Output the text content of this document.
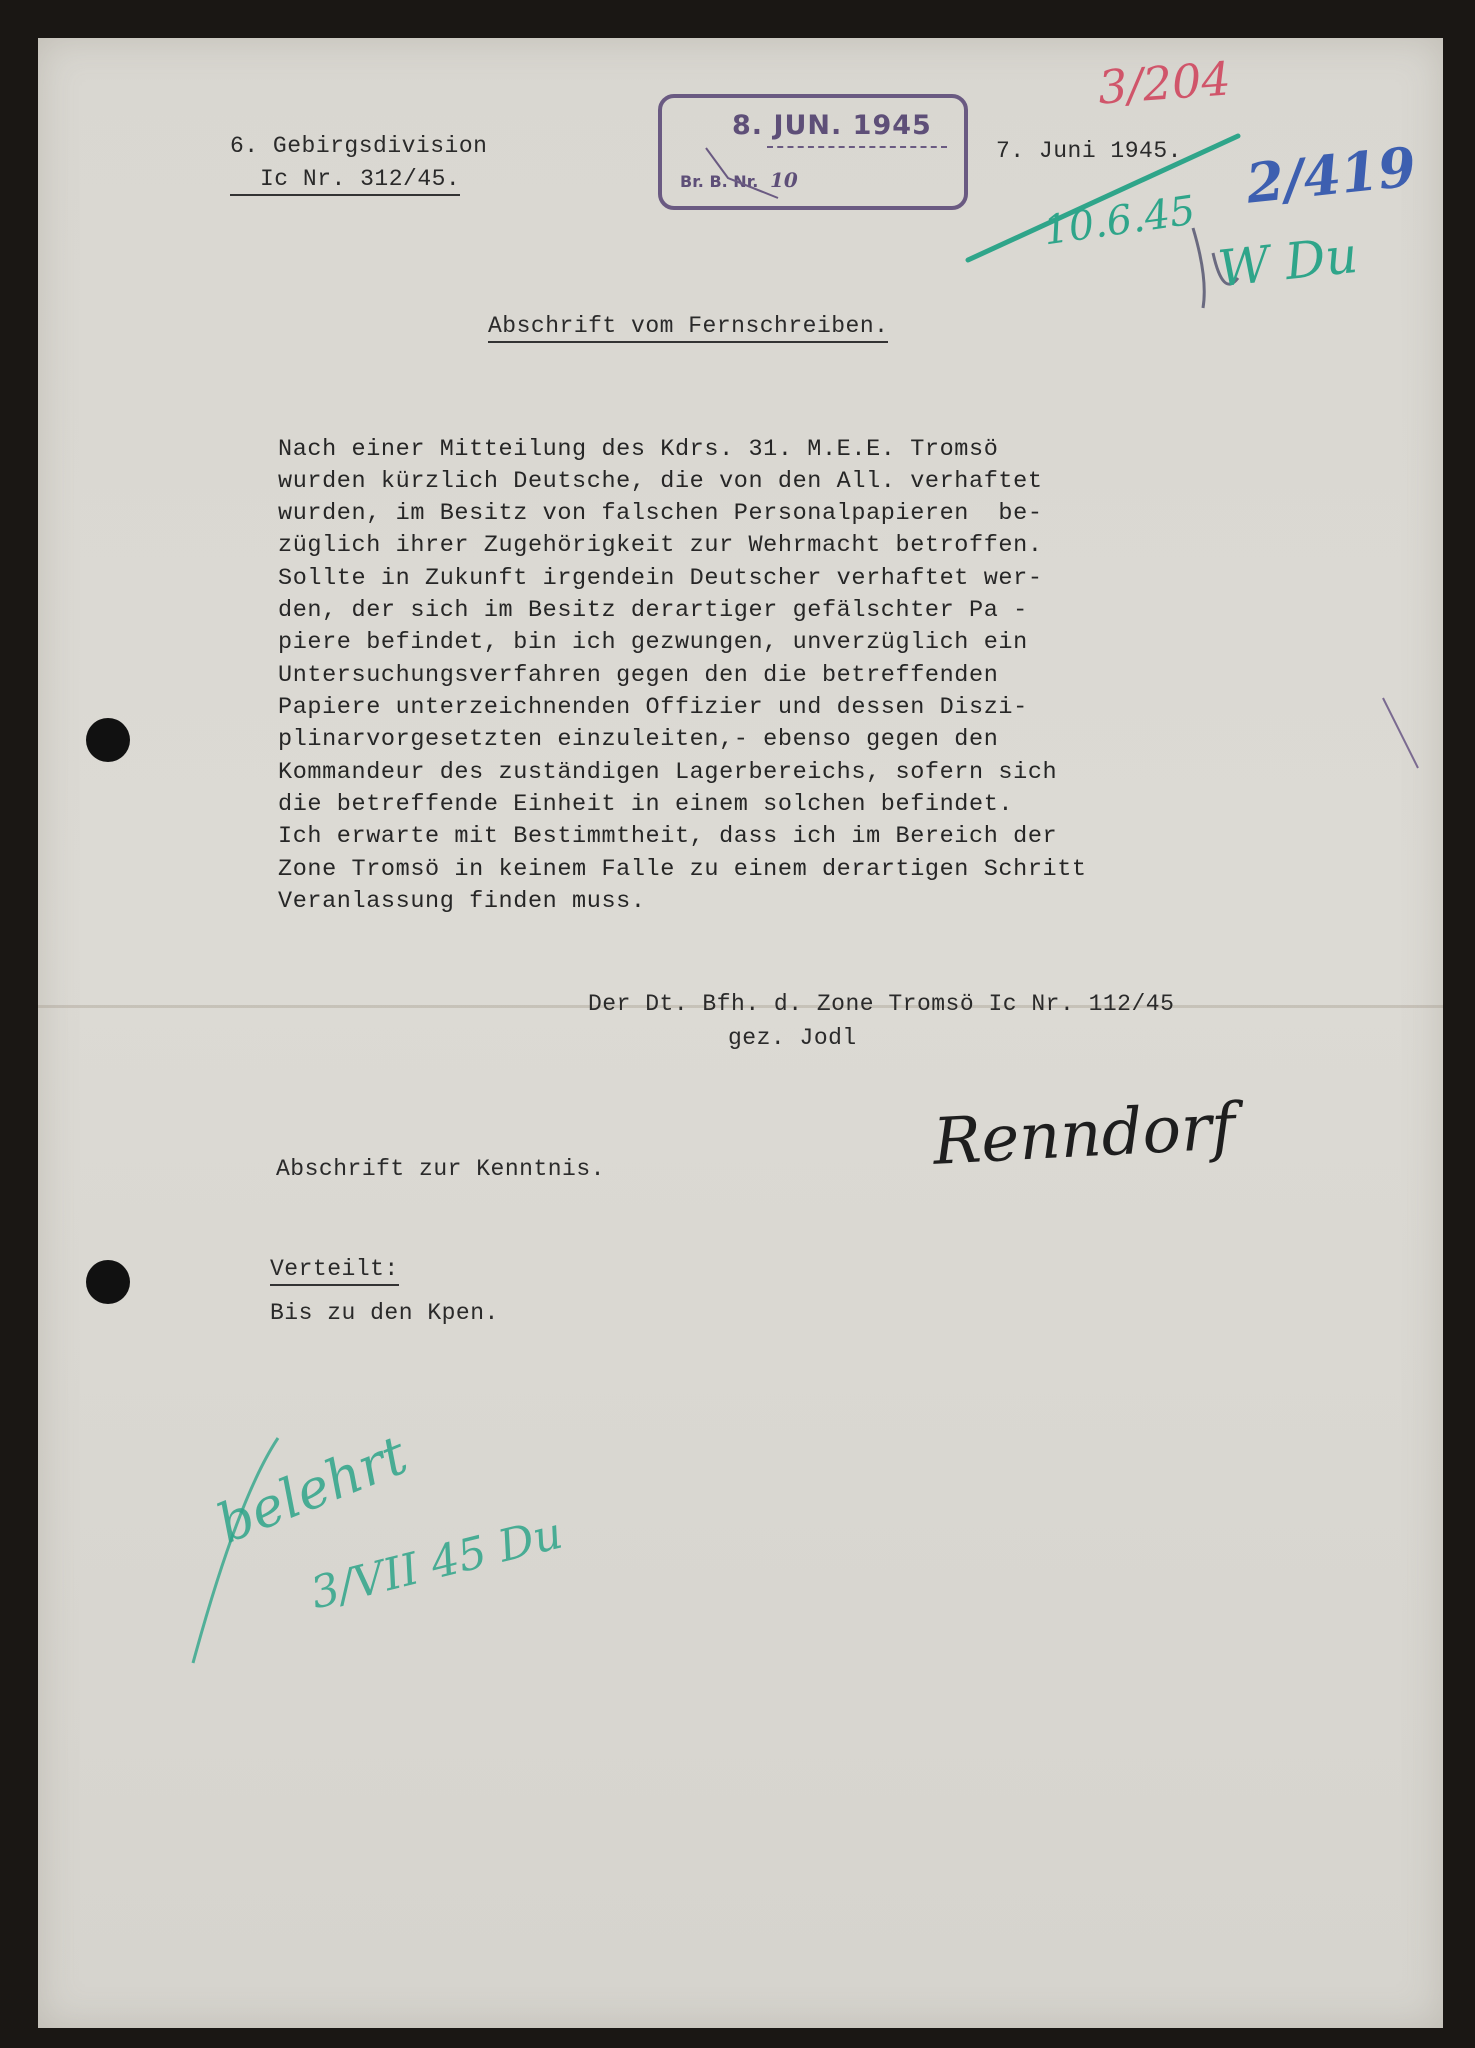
6. Gebirgsdivision
Ic Nr. 312/45.
8. JUN. 1945
Br. B. Nr. 10
7. Juni 1945.
3/204
2/419
10.6.45
W Du
Abschrift vom Fernschreiben.
Nach einer Mitteilung des Kdrs. 31. M.E.E. Tromsö
wurden kürzlich Deutsche, die von den All. verhaftet
wurden, im Besitz von falschen Personalpapieren  be-
züglich ihrer Zugehörigkeit zur Wehrmacht betroffen.
Sollte in Zukunft irgendein Deutscher verhaftet wer-
den, der sich im Besitz derartiger gefälschter Pa -
piere befindet, bin ich gezwungen, unverzüglich ein
Untersuchungsverfahren gegen den die betreffenden
Papiere unterzeichnenden Offizier und dessen Diszi-
plinarvorgesetzten einzuleiten,- ebenso gegen den
Kommandeur des zuständigen Lagerbereichs, sofern sich
die betreffende Einheit in einem solchen befindet.
Ich erwarte mit Bestimmtheit, dass ich im Bereich der
Zone Tromsö in keinem Falle zu einem derartigen Schritt
Veranlassung finden muss.
Der Dt. Bfh. d. Zone Tromsö Ic Nr. 112/45
gez. Jodl
Renndorf
Abschrift zur Kenntnis.
Verteilt:
Bis zu den Kpen.
belehrt
3/VII 45 Du
